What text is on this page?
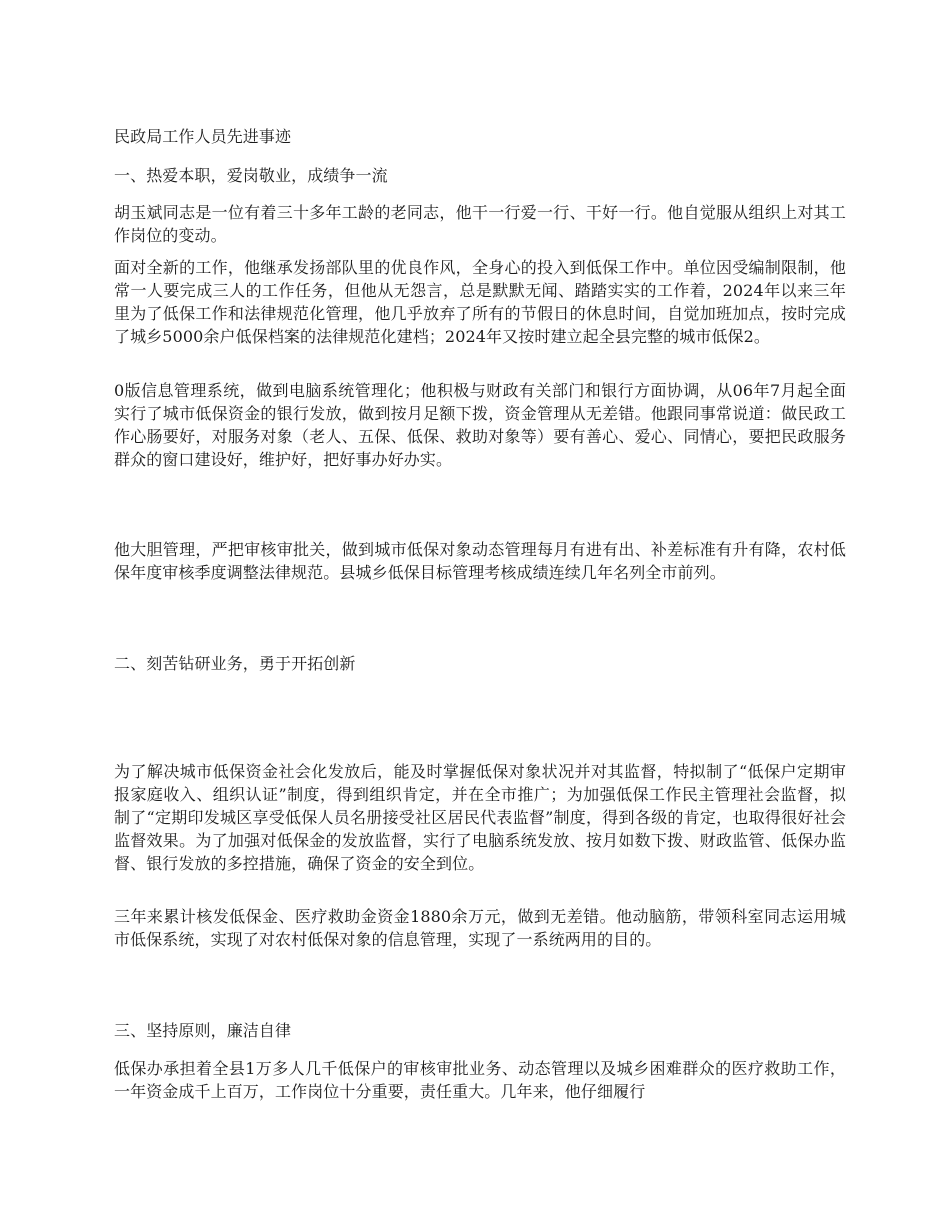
民政局工作人员先进事迹

一、热爱本职，爱岗敬业，成绩争一流

胡玉斌同志是一位有着三十多年工龄的老同志，他干一行爱一行、干好一行。他自觉服从组织上对其工作岗位的变动。

面对全新的工作，他继承发扬部队里的优良作风，全身心的投入到低保工作中。单位因受编制限制，他常一人要完成三人的工作任务，但他从无怨言，总是默默无闻、踏踏实实的工作着，2024年以来三年里为了低保工作和法律规范化管理，他几乎放弃了所有的节假日的休息时间，自觉加班加点，按时完成了城乡5000余户低保档案的法律规范化建档；2024年又按时建立起全县完整的城市低保2。

0版信息管理系统，做到电脑系统管理化；他积极与财政有关部门和银行方面协调，从06年7月起全面实行了城市低保资金的银行发放，做到按月足额下拨，资金管理从无差错。他跟同事常说道：做民政工作心肠要好，对服务对象（老人、五保、低保、救助对象等）要有善心、爱心、同情心，要把民政服务群众的窗口建设好，维护好，把好事办好办实。

他大胆管理，严把审核审批关，做到城市低保对象动态管理每月有进有出、补差标准有升有降，农村低保年度审核季度调整法律规范。县城乡低保目标管理考核成绩连续几年名列全市前列。

二、刻苦钻研业务，勇于开拓创新

为了解决城市低保资金社会化发放后，能及时掌握低保对象状况并对其监督，特拟制了“低保户定期审报家庭收入、组织认证”制度，得到组织肯定，并在全市推广；为加强低保工作民主管理社会监督，拟制了“定期印发城区享受低保人员名册接受社区居民代表监督”制度，得到各级的肯定，也取得很好社会监督效果。为了加强对低保金的发放监督，实行了电脑系统发放、按月如数下拨、财政监管、低保办监督、银行发放的多控措施，确保了资金的安全到位。

三年来累计核发低保金、医疗救助金资金1880余万元，做到无差错。他动脑筋，带领科室同志运用城市低保系统，实现了对农村低保对象的信息管理，实现了一系统两用的目的。

三、坚持原则，廉洁自律

低保办承担着全县1万多人几千低保户的审核审批业务、动态管理以及城乡困难群众的医疗救助工作，一年资金成千上百万，工作岗位十分重要，责任重大。几年来，他仔细履行
